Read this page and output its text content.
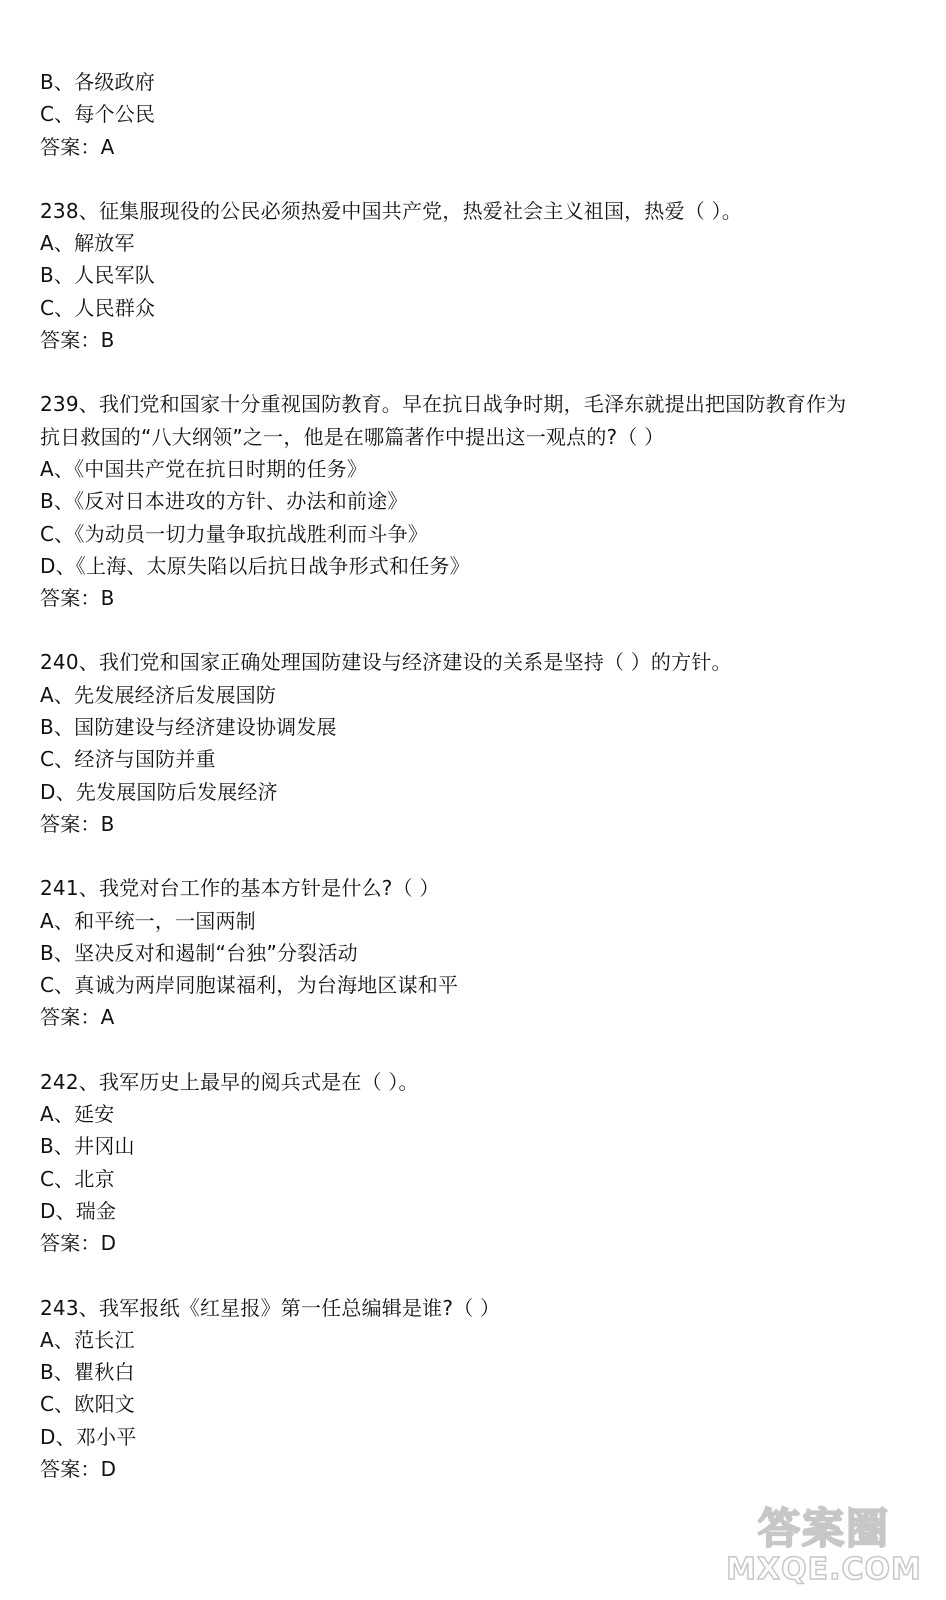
B、各级政府
C、每个公民
答案：A
238、征集服现役的公民必须热爱中国共产党，热爱社会主义祖国，热爱（ ）。
A、解放军
B、人民军队
C、人民群众
答案：B
239、我们党和国家十分重视国防教育。早在抗日战争时期，毛泽东就提出把国防教育作为
抗日救国的“八大纲领”之一，他是在哪篇著作中提出这一观点的?（ ）
A、《中国共产党在抗日时期的任务》
B、《反对日本进攻的方针、办法和前途》
C、《为动员一切力量争取抗战胜利而斗争》
D、《上海、太原失陷以后抗日战争形式和任务》
答案：B
240、我们党和国家正确处理国防建设与经济建设的关系是坚持（ ）的方针。
A、先发展经济后发展国防
B、国防建设与经济建设协调发展
C、经济与国防并重
D、先发展国防后发展经济
答案：B
241、我党对台工作的基本方针是什么?（ ）
A、和平统一，一国两制
B、坚决反对和遏制“台独”分裂活动
C、真诚为两岸同胞谋福利，为台海地区谋和平
答案：A
242、我军历史上最早的阅兵式是在（ ）。
A、延安
B、井冈山
C、北京
D、瑞金
答案：D
243、我军报纸《红星报》第一任总编辑是谁?（ ）
A、范长江
B、瞿秋白
C、欧阳文
D、邓小平
答案：D
答案圈
MXQE.COM
